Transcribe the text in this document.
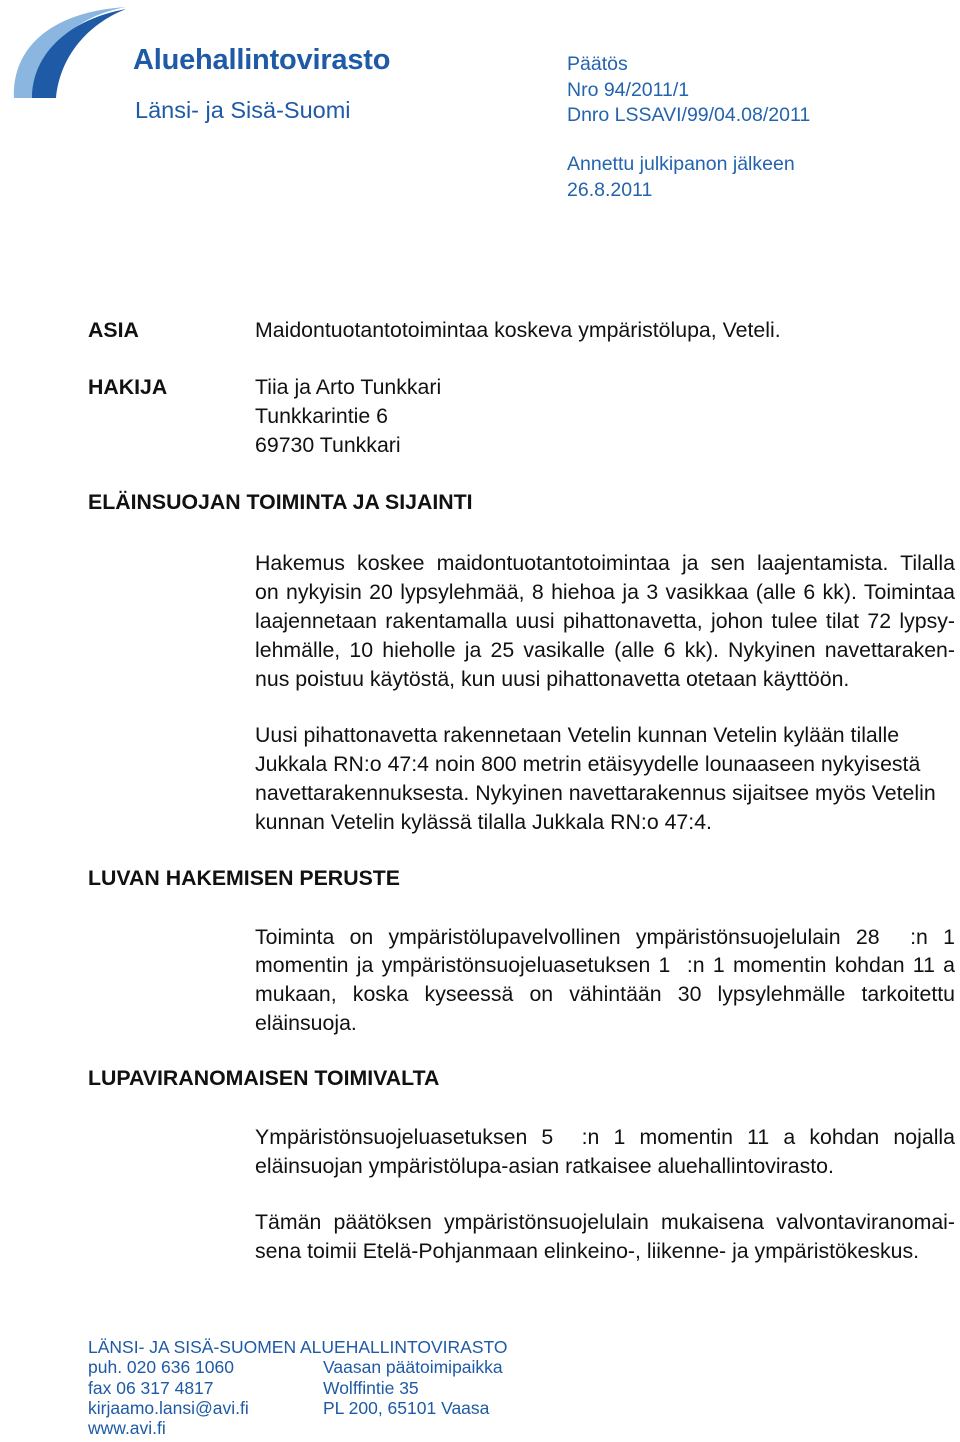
Aluehallintovirasto
Länsi- ja Sisä-Suomi
Päätös
Nro 94/2011/1
Dnro LSSAVI/99/04.08/2011
Annettu julkipanon jälkeen
26.8.2011
ASIA	Maidontuotantotoimintaa koskeva ympäristölupa, Veteli.
HAKIJA	Tiia ja Arto Tunkkari
Tunkkarintie 6
69730 Tunkkari
ELÄINSUOJAN TOIMINTA JA SIJAINTI
Hakemus koskee maidontuotantotoimintaa ja sen laajentamista. Tilalla
on nykyisin 20 lypsylehmää, 8 hiehoa ja 3 vasikkaa (alle 6 kk). Toimintaa
laajennetaan rakentamalla uusi pihattonavetta, johon tulee tilat 72 lypsy-
lehmälle, 10 hieholle ja 25 vasikalle (alle 6 kk). Nykyinen navettaraken-
nus poistuu käytöstä, kun uusi pihattonavetta otetaan käyttöön.
Uusi pihattonavetta rakennetaan Vetelin kunnan Vetelin kylään tilalle
Jukkala RN:o 47:4 noin 800 metrin etäisyydelle lounaaseen nykyisestä
navettarakennuksesta. Nykyinen navettarakennus sijaitsee myös Vetelin
kunnan Vetelin kylässä tilalla Jukkala RN:o 47:4.
LUVAN HAKEMISEN PERUSTE
Toiminta on ympäristölupavelvollinen ympäristönsuojelulain 28  :n 1
momentin ja ympäristönsuojeluasetuksen 1  :n 1 momentin kohdan 11 a
mukaan, koska kyseessä on vähintään 30 lypsylehmälle tarkoitettu
eläinsuoja.
LUPAVIRANOMAISEN TOIMIVALTA
Ympäristönsuojeluasetuksen 5  :n 1 momentin 11 a kohdan nojalla
eläinsuojan ympäristölupa-asian ratkaisee aluehallintovirasto.
Tämän päätöksen ympäristönsuojelulain mukaisena valvontaviranomai-
sena toimii Etelä-Pohjanmaan elinkeino-, liikenne- ja ympäristökeskus.
LÄNSI- JA SISÄ-SUOMEN ALUEHALLINTOVIRASTO
puh. 020 636 1060	Vaasan päätoimipaikka
fax 06 317 4817	Wolffintie 35
kirjaamo.lansi@avi.fi	PL 200, 65101 Vaasa
www.avi.fi
